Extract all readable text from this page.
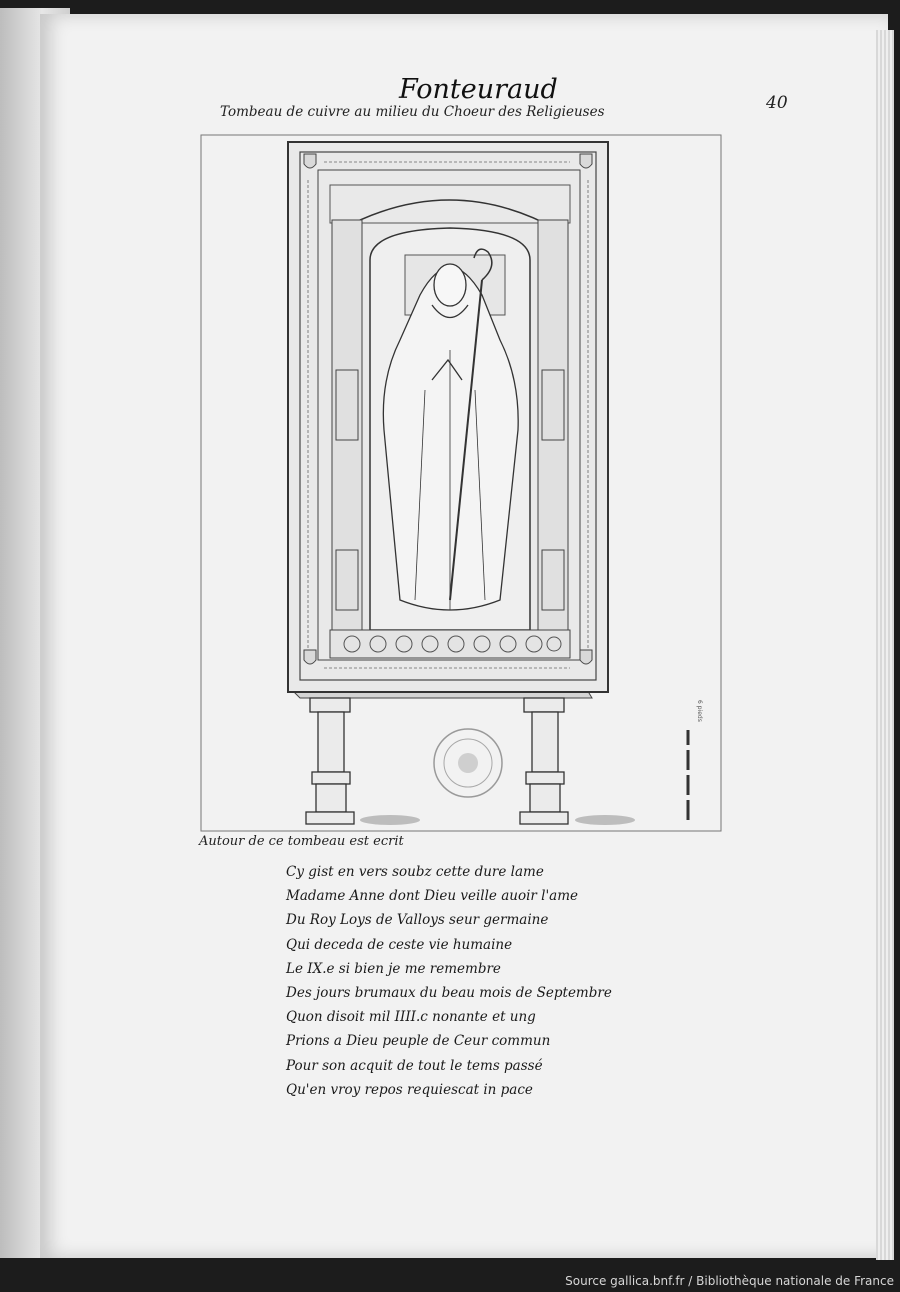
Fonteuraud
Tombeau de cuivre au milieu du Choeur des Religieuses	40
6 pieds
Autour de ce tombeau est ecrit
Cy gist en vers soubz cette dure lame
Madame Anne dont Dieu veille auoir l'ame
Du Roy Loys de Valloys seur germaine
Qui deceda de ceste vie humaine
Le IX.e si bien je me remembre
Des jours brumaux du beau mois de Septembre
Quon disoit mil IIII.c nonante et ung
Prions a Dieu peuple de Ceur commun
Pour son acquit de tout le tems passé
Qu'en vroy repos requiescat in pace
Source gallica.bnf.fr / Bibliothèque nationale de France
